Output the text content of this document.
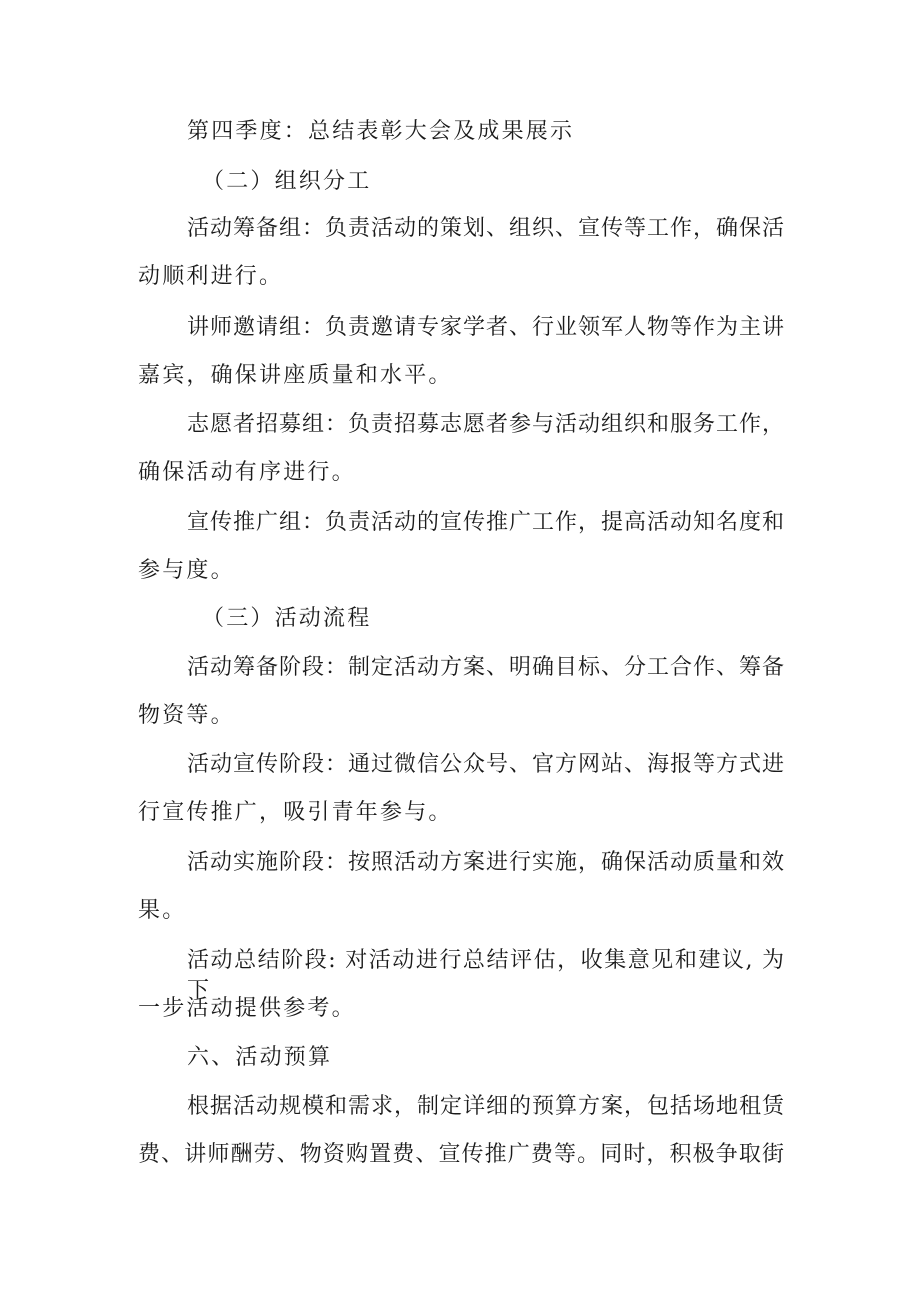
第四季度：总结表彰大会及成果展示
（二）组织分工
活动筹备组：负责活动的策划、组织、宣传等工作，确保活
动顺利进行。
讲师邀请组：负责邀请专家学者、行业领军人物等作为主讲
嘉宾，确保讲座质量和水平。
志愿者招募组：负责招募志愿者参与活动组织和服务工作，
确保活动有序进行。
宣传推广组：负责活动的宣传推广工作，提高活动知名度和
参与度。
（三）活动流程
活动筹备阶段：制定活动方案、明确目标、分工合作、筹备
物资等。
活动宣传阶段：通过微信公众号、官方网站、海报等方式进
行宣传推广，吸引青年参与。
活动实施阶段：按照活动方案进行实施，确保活动质量和效
果。
活动总结阶段: 对活动进行总结评估，收集意见和建议, 为下
一步活动提供参考。
六、活动预算
根据活动规模和需求，制定详细的预算方案，包括场地租赁
费、讲师酬劳、物资购置费、宣传推广费等。同时，积极争取街
